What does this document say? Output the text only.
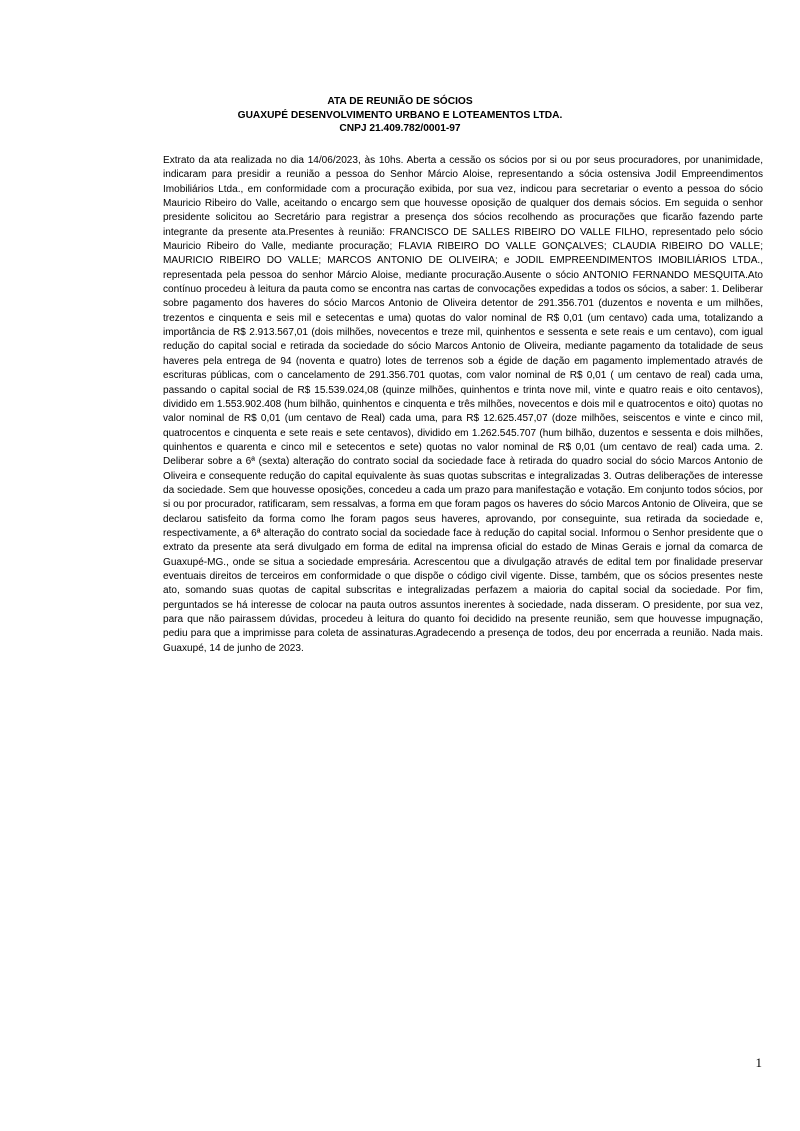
ATA DE REUNIÃO DE SÓCIOS
GUAXUPÉ DESENVOLVIMENTO URBANO E LOTEAMENTOS LTDA.
CNPJ 21.409.782/0001-97
Extrato da ata realizada no dia 14/06/2023, às 10hs. Aberta a cessão os sócios por si ou por seus procuradores, por unanimidade, indicaram para presidir a reunião a pessoa do Senhor Márcio Aloise, representando a sócia ostensiva Jodil Empreendimentos Imobiliários Ltda., em conformidade com a procuração exibida, por sua vez, indicou para secretariar o evento a pessoa do sócio Mauricio Ribeiro do Valle, aceitando o encargo sem que houvesse oposição de qualquer dos demais sócios. Em seguida o senhor presidente solicitou ao Secretário para registrar a presença dos sócios recolhendo as procurações que ficarão fazendo parte integrante da presente ata.Presentes à reunião: FRANCISCO DE SALLES RIBEIRO DO VALLE FILHO, representado pelo sócio Mauricio Ribeiro do Valle, mediante procuração; FLAVIA RIBEIRO DO VALLE GONÇALVES; CLAUDIA RIBEIRO DO VALLE; MAURICIO RIBEIRO DO VALLE; MARCOS ANTONIO DE OLIVEIRA; e JODIL EMPREENDIMENTOS IMOBILIÁRIOS LTDA., representada pela pessoa do senhor Márcio Aloise, mediante procuração.Ausente o sócio ANTONIO FERNANDO MESQUITA.Ato contínuo procedeu à leitura da pauta como se encontra nas cartas de convocações expedidas a todos os sócios, a saber: 1. Deliberar sobre pagamento dos haveres do sócio Marcos Antonio de Oliveira detentor de 291.356.701 (duzentos e noventa e um milhões, trezentos e cinquenta e seis mil e setecentas e uma) quotas do valor nominal de R$ 0,01 (um centavo) cada uma, totalizando a importância de R$ 2.913.567,01 (dois milhões, novecentos e treze mil, quinhentos e sessenta e sete reais e um centavo), com igual redução do capital social e retirada da sociedade do sócio Marcos Antonio de Oliveira, mediante pagamento da totalidade de seus haveres pela entrega de 94 (noventa e quatro) lotes de terrenos sob a égide de dação em pagamento implementado através de escrituras públicas, com o cancelamento de 291.356.701 quotas, com valor nominal de R$ 0,01 ( um centavo de real) cada uma, passando o capital social de R$ 15.539.024,08 (quinze milhões, quinhentos e trinta nove mil, vinte e quatro reais e oito centavos), dividido em 1.553.902.408 (hum bilhão, quinhentos e cinquenta e três milhões, novecentos e dois mil e quatrocentos e oito) quotas no valor nominal de R$ 0,01 (um centavo de Real) cada uma, para R$ 12.625.457,07 (doze milhões, seiscentos e vinte e cinco mil, quatrocentos e cinquenta e sete reais e sete centavos), dividido em 1.262.545.707 (hum bilhão, duzentos e sessenta e dois milhões, quinhentos e quarenta e cinco mil e setecentos e sete) quotas no valor nominal de R$ 0,01 (um centavo de real) cada uma. 2. Deliberar sobre a 6ª (sexta) alteração do contrato social da sociedade face à retirada do quadro social do sócio Marcos Antonio de Oliveira e consequente redução do capital equivalente às suas quotas subscritas e integralizadas 3. Outras deliberações de interesse da sociedade. Sem que houvesse oposições, concedeu a cada um prazo para manifestação e votação. Em conjunto todos sócios, por si ou por procurador, ratificaram, sem ressalvas, a forma em que foram pagos os haveres do sócio Marcos Antonio de Oliveira, que se declarou satisfeito da forma como lhe foram pagos seus haveres, aprovando, por conseguinte, sua retirada da sociedade e, respectivamente, a 6ª alteração do contrato social da sociedade face à redução do capital social. Informou o Senhor presidente que o extrato da presente ata será divulgado em forma de edital na imprensa oficial do estado de Minas Gerais e jornal da comarca de Guaxupé-MG., onde se situa a sociedade empresária. Acrescentou que a divulgação através de edital tem por finalidade preservar eventuais direitos de terceiros em conformidade o que dispõe o código civil vigente. Disse, também, que os sócios presentes neste ato, somando suas quotas de capital subscritas e integralizadas perfazem a maioria do capital social da sociedade. Por fim, perguntados se há interesse de colocar na pauta outros assuntos inerentes à sociedade, nada disseram. O presidente, por sua vez, para que não pairassem dúvidas, procedeu à leitura do quanto foi decidido na presente reunião, sem que houvesse impugnação, pediu para que a imprimisse para coleta de assinaturas.Agradecendo a presença de todos, deu por encerrada a reunião. Nada mais. Guaxupé, 14 de junho de 2023.
1
